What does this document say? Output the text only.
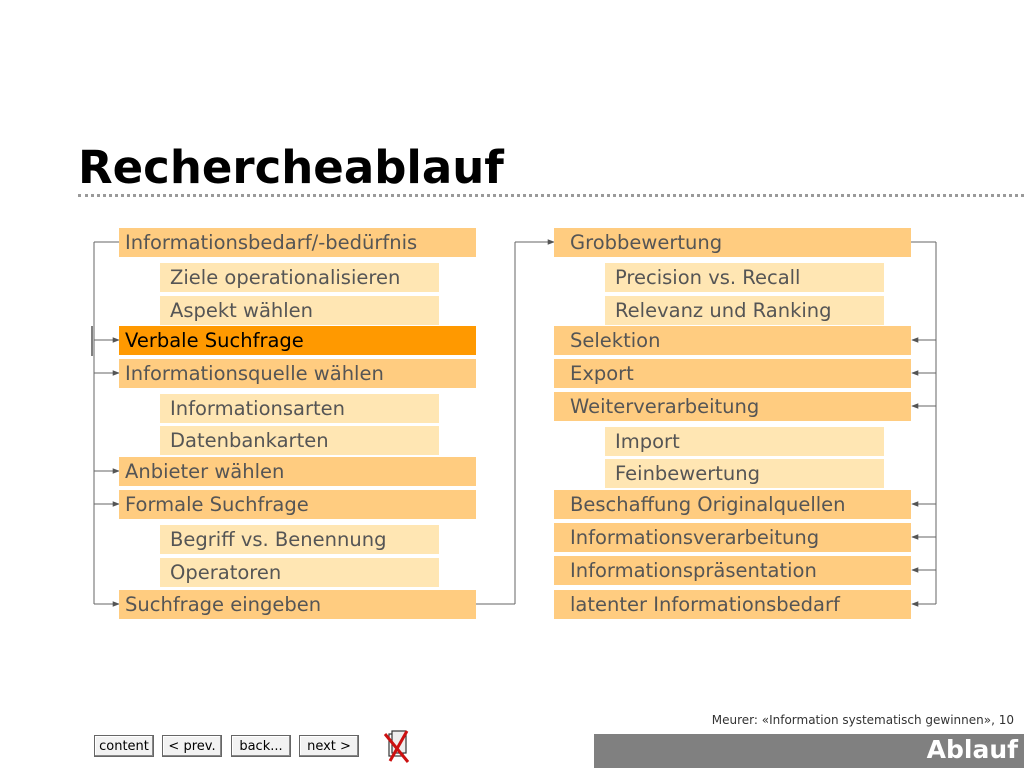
Rechercheablauf
Informationsbedarf/-bedürfnis
Ziele operationalisieren
Aspekt wählen
Verbale Suchfrage
Informationsquelle wählen
Informationsarten
Datenbankarten
Anbieter wählen
Formale Suchfrage
Begriff vs. Benennung
Operatoren
Suchfrage eingeben
Grobbewertung
Precision vs. Recall
Relevanz und Ranking
Selektion
Export
Weiterverarbeitung
Import
Feinbewertung
Beschaffung Originalquellen
Informationsverarbeitung
Informationspräsentation
latenter Informationsbedarf
Meurer: «Information systematisch gewinnen», 10
content	< prev.	back...	next >	Ablauf
